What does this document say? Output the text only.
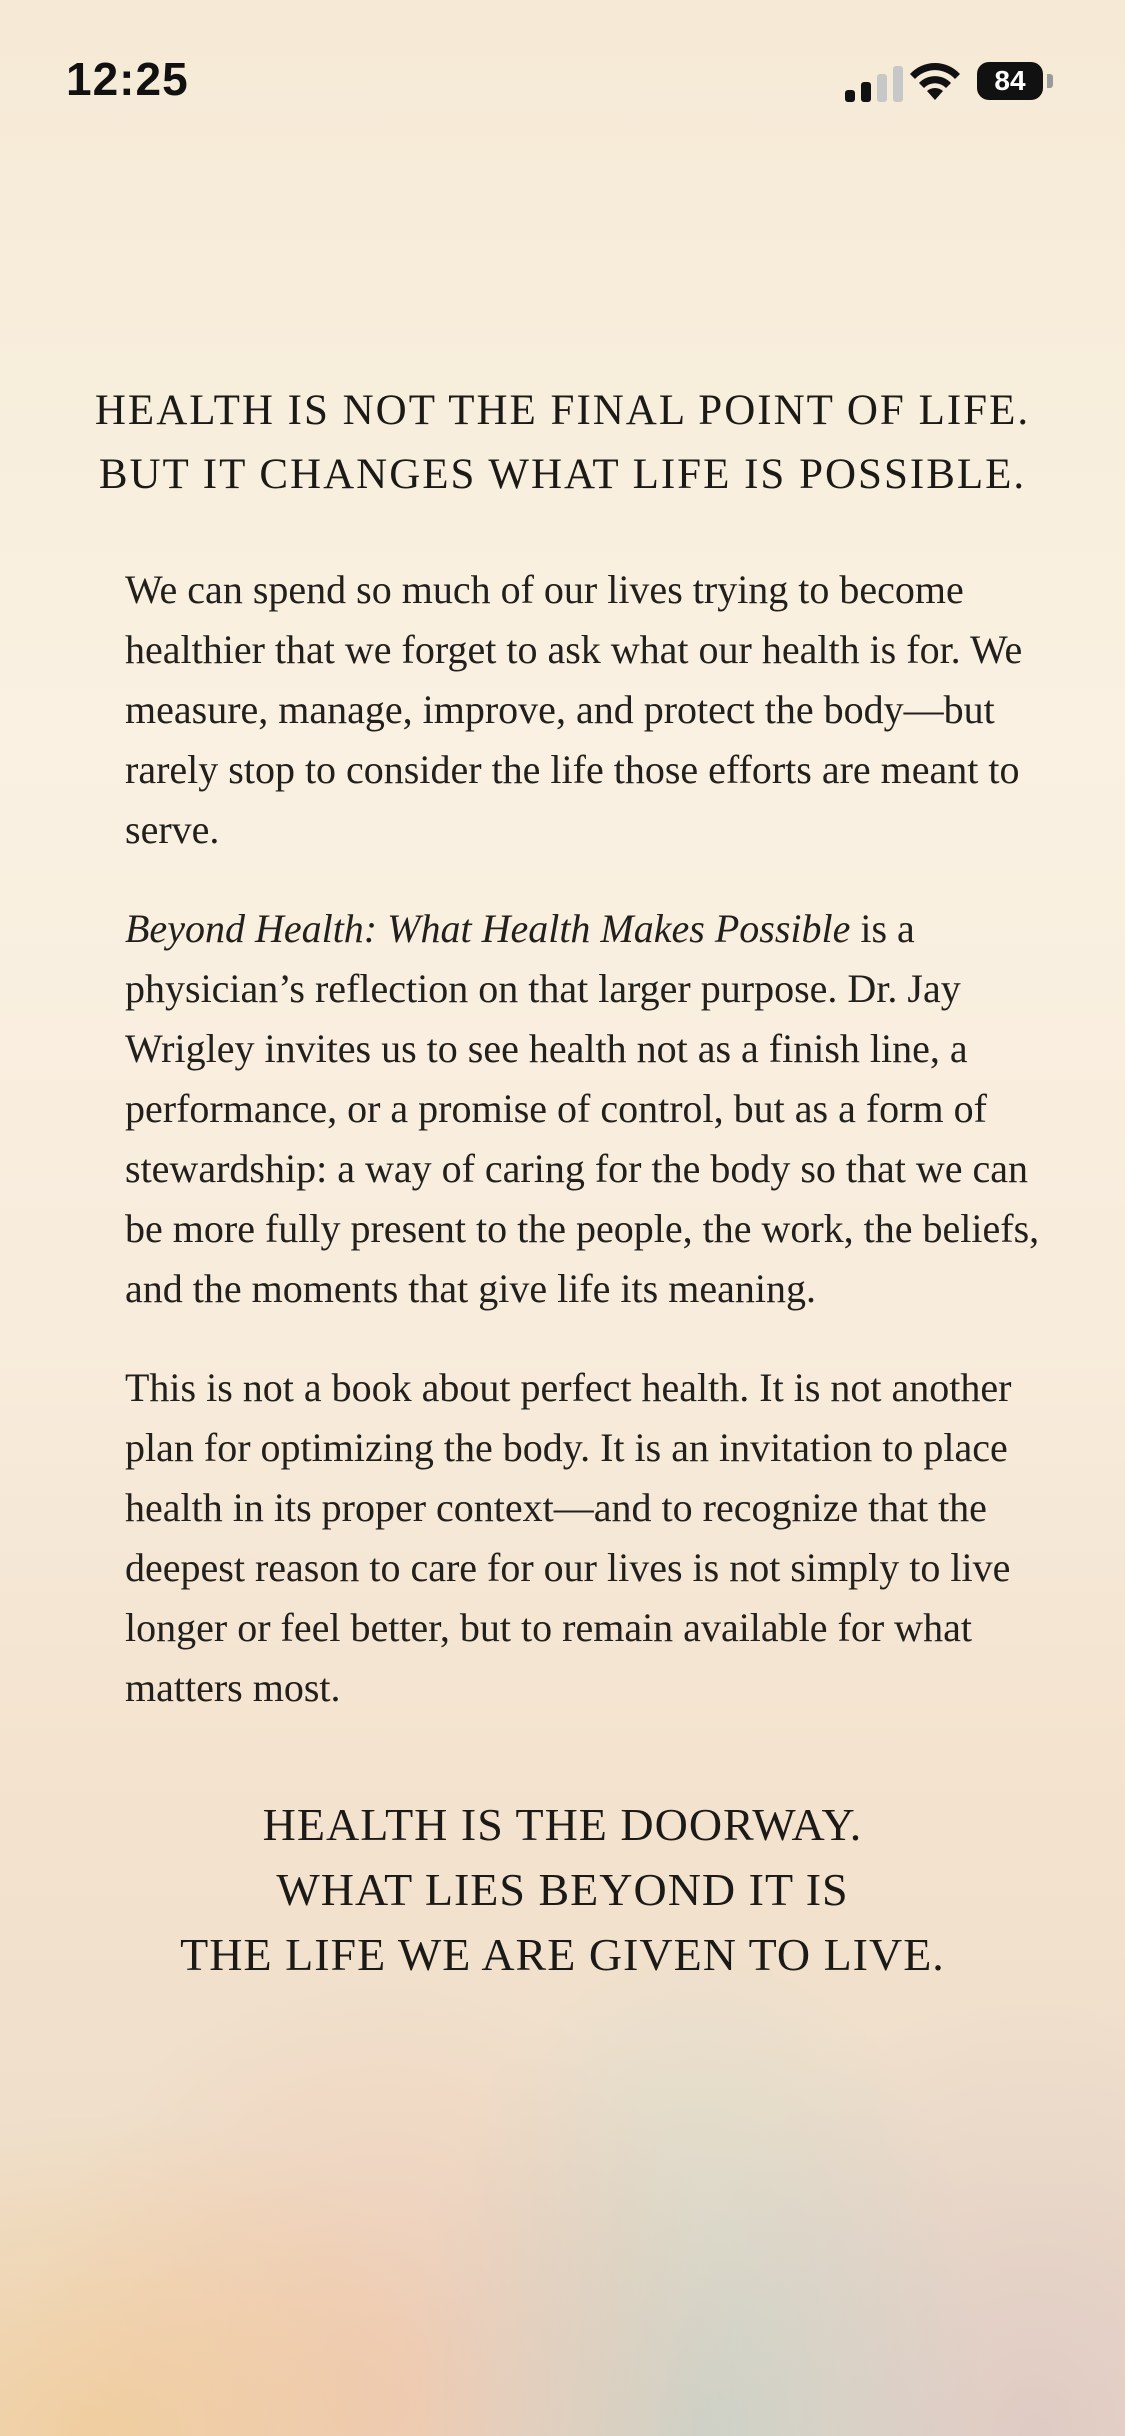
12:25	84
HEALTH IS NOT THE FINAL POINT OF LIFE.
BUT IT CHANGES WHAT LIFE IS POSSIBLE.

We can spend so much of our lives trying to become healthier that we forget to ask what our health is for. We measure, manage, improve, and protect the body—but rarely stop to consider the life those efforts are meant to serve.

Beyond Health: What Health Makes Possible is a physician’s reflection on that larger purpose. Dr. Jay Wrigley invites us to see health not as a finish line, a performance, or a promise of control, but as a form of stewardship: a way of caring for the body so that we can be more fully present to the people, the work, the beliefs, and the moments that give life its meaning.

This is not a book about perfect health. It is not another plan for optimizing the body. It is an invitation to place health in its proper context—and to recognize that the deepest reason to care for our lives is not simply to live longer or feel better, but to remain available for what matters most.

HEALTH IS THE DOORWAY.
WHAT LIES BEYOND IT IS
THE LIFE WE ARE GIVEN TO LIVE.
